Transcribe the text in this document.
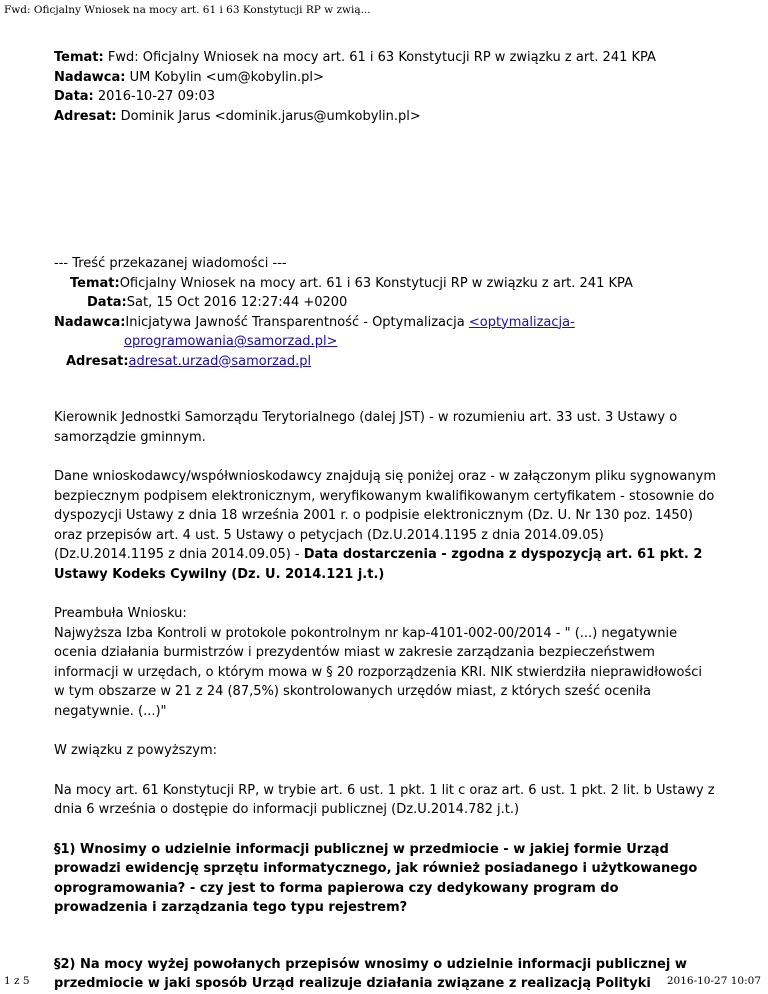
Fwd: Oficjalny Wniosek na mocy art. 61 i 63 Konstytucji RP w zwią...

Temat: Fwd: Oficjalny Wniosek na mocy art. 61 i 63 Konstytucji RP w związku z art. 241 KPA

Nadawca: UM Kobylin <um@kobylin.pl>

Data: 2016-10-27 09:03

Adresat: Dominik Jarus <dominik.jarus@umkobylin.pl>

--- Treść przekazanej wiadomości ---

Temat:Oficjalny Wniosek na mocy art. 61 i 63 Konstytucji RP w związku z art. 241 KPA

Data:Sat, 15 Oct 2016 12:27:44 +0200

Nadawca:Inicjatywa Jawność Transparentność - Optymalizacja <optymalizacja-
oprogramowania@samorzad.pl>

Adresat:adresat.urzad@samorzad.pl

Kierownik Jednostki Samorządu Terytorialnego (dalej JST) - w rozumieniu art. 33 ust. 3 Ustawy o samorządzie gminnym.

Dane wnioskodawcy/współwnioskodawcy znajdują się poniżej oraz - w załączonym pliku sygnowanym bezpiecznym podpisem elektronicznym, weryfikowanym kwalifikowanym certyfikatem - stosownie do dyspozycji Ustawy z dnia 18 września 2001 r. o podpisie elektronicznym (Dz. U. Nr 130 poz. 1450) oraz przepisów art. 4 ust. 5 Ustawy o petycjach (Dz.U.2014.1195 z dnia 2014.09.05) (Dz.U.2014.1195 z dnia 2014.09.05) - Data dostarczenia - zgodna z dyspozycją art. 61 pkt. 2 Ustawy Kodeks Cywilny (Dz. U. 2014.121 j.t.)

Preambuła Wniosku:

Najwyższa Izba Kontroli w protokole pokontrolnym nr kap-4101-002-00/2014 - " (...) negatywnie ocenia działania burmistrzów i prezydentów miast w zakresie zarządzania bezpieczeństwem informacji w urzędach, o którym mowa w § 20 rozporządzenia KRI. NIK stwierdziła nieprawidłowości w tym obszarze w 21 z 24 (87,5%) skontrolowanych urzędów miast, z których sześć oceniła negatywnie. (...)"

W związku z powyższym:

Na mocy art. 61 Konstytucji RP, w trybie art. 6 ust. 1 pkt. 1 lit c oraz art. 6 ust. 1 pkt. 2 lit. b Ustawy z dnia 6 września o dostępie do informacji publicznej (Dz.U.2014.782 j.t.)

§1) Wnosimy o udzielnie informacji publicznej w przedmiocie - w jakiej formie Urząd prowadzi ewidencję sprzętu informatycznego, jak również posiadanego i użytkowanego oprogramowania? - czy jest to forma papierowa czy dedykowany program do prowadzenia i zarządzania tego typu rejestrem?

§2) Na mocy wyżej powołanych przepisów wnosimy o udzielnie informacji publicznej w przedmiocie w jaki sposób Urząd realizuje działania związane z realizacją Polityki

1 z 5	2016-10-27 10:07
